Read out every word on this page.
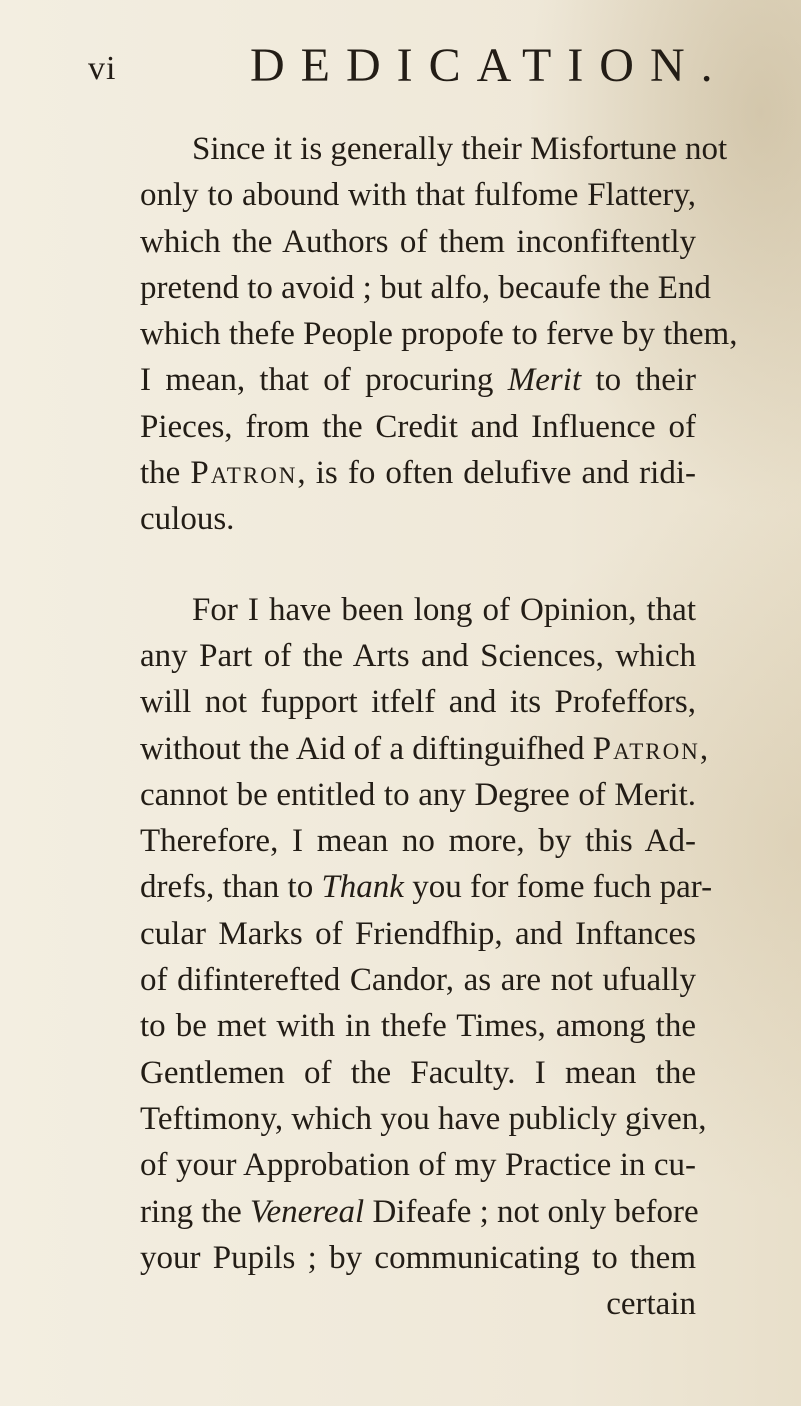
vi	DEDICATION.
Since it is generally their Misfortune not
only to abound with that fulfome Flattery,
which the Authors of them inconfiftently
pretend to avoid ; but alfo, becaufe the End
which thefe People propofe to ferve by them,
I mean, that of procuring Merit to their
Pieces, from the Credit and Influence of
the Patron, is fo often delufive and ridi-
culous.
For I have been long of Opinion, that
any Part of the Arts and Sciences, which
will not fupport itfelf and its Profeffors,
without the Aid of a diftinguifhed Patron,
cannot be entitled to any Degree of Merit.
Therefore, I mean no more, by this Ad-
drefs, than to Thank you for fome fuch par-
cular Marks of Friendfhip, and Inftances
of difinterefted Candor, as are not ufually
to be met with in thefe Times, among the
Gentlemen of the Faculty. I mean the
Teftimony, which you have publicly given,
of your Approbation of my Practice in cu-
ring the Venereal Difeafe ; not only before
your Pupils ; by communicating to them
certain
